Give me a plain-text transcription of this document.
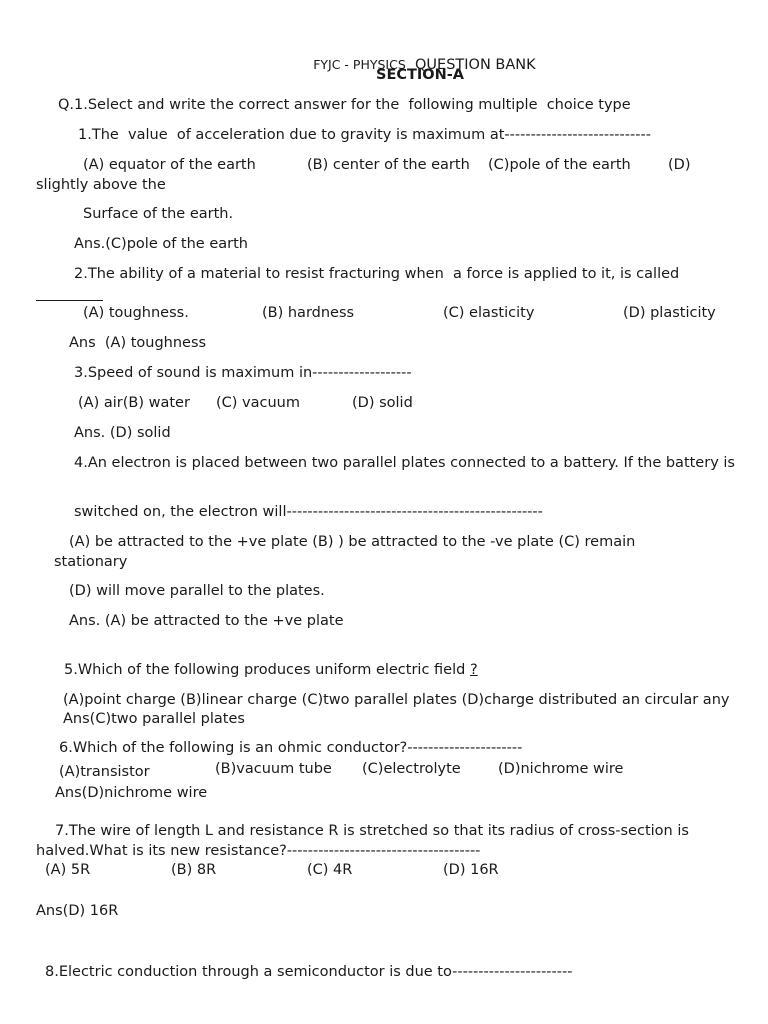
FYJC - PHYSICS QUESTION BANK

SECTION-A
Q.1.Select and write the correct answer for the  following multiple  choice type
1.The  value  of acceleration due to gravity is maximum at----------------------------
(A) equator of the earth	(B) center of the earth (C)pole of the earth	(D) slightly above the
Surface of the earth.
Ans.(C)pole of the earth
2.The ability of a material to resist fracturing when  a force is applied to it, is called
(A) toughness.	(B) hardness	(C) elasticity	(D) plasticity
Ans  (A) toughness
3.Speed of sound is maximum in-------------------
(A) air(B) water (C) vacuum	(D) solid
Ans. (D) solid
4.An electron is placed between two parallel plates connected to a battery. If the battery is
switched on, the electron will-------------------------------------------------
(A) be attracted to the +ve plate (B) ) be attracted to the -ve plate (C) remain stationary
(D) will move parallel to the plates.
Ans. (A) be attracted to the +ve plate
5.Which of the following produces uniform electric field ?
(A)point charge (B)linear charge (C)two parallel plates (D)charge distributed an circular any
Ans(C)two parallel plates
6.Which of the following is an ohmic conductor?----------------------
(A)transistor	(B)vacuum tube (C)electrolyte	(D)nichrome wire
Ans(D)nichrome wire
7.The wire of length L and resistance R is stretched so that its radius of cross-section is halved.What is its new resistance?-------------------------------------
(A) 5R	(B) 8R	(C) 4R	(D) 16R
Ans(D) 16R
8.Electric conduction through a semiconductor is due to-----------------------
